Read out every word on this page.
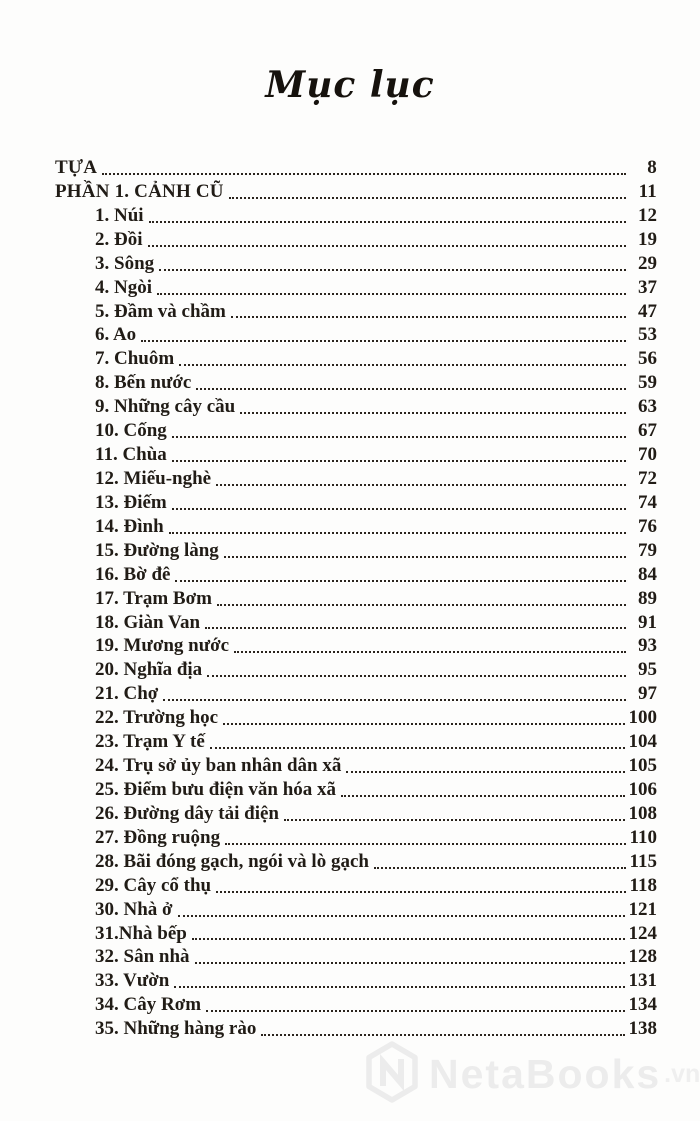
Mục lục
TỰA	8
PHẦN 1. CẢNH CŨ	11
1. Núi	12
2. Đồi	19
3. Sông	29
4. Ngòi	37
5. Đầm và chầm	47
6. Ao	53
7. Chuôm	56
8. Bến nước	59
9. Những cây cầu	63
10. Cống	67
11. Chùa	70
12. Miếu-nghè	72
13. Điếm	74
14. Đình	76
15. Đường làng	79
16. Bờ đê	84
17. Trạm Bơm	89
18. Giàn Van	91
19. Mương nước	93
20. Nghĩa địa	95
21. Chợ	97
22. Trường học	100
23. Trạm Y tế	104
24. Trụ sở ủy ban nhân dân xã	105
25. Điểm bưu điện văn hóa xã	106
26. Đường dây tải điện	108
27. Đồng ruộng	110
28. Bãi đóng gạch, ngói và lò gạch	115
29. Cây cổ thụ	118
30. Nhà ở	121
31.Nhà bếp	124
32. Sân nhà	128
33. Vườn	131
34. Cây Rơm	134
35. Những hàng rào	138
NetaBooks .vn
